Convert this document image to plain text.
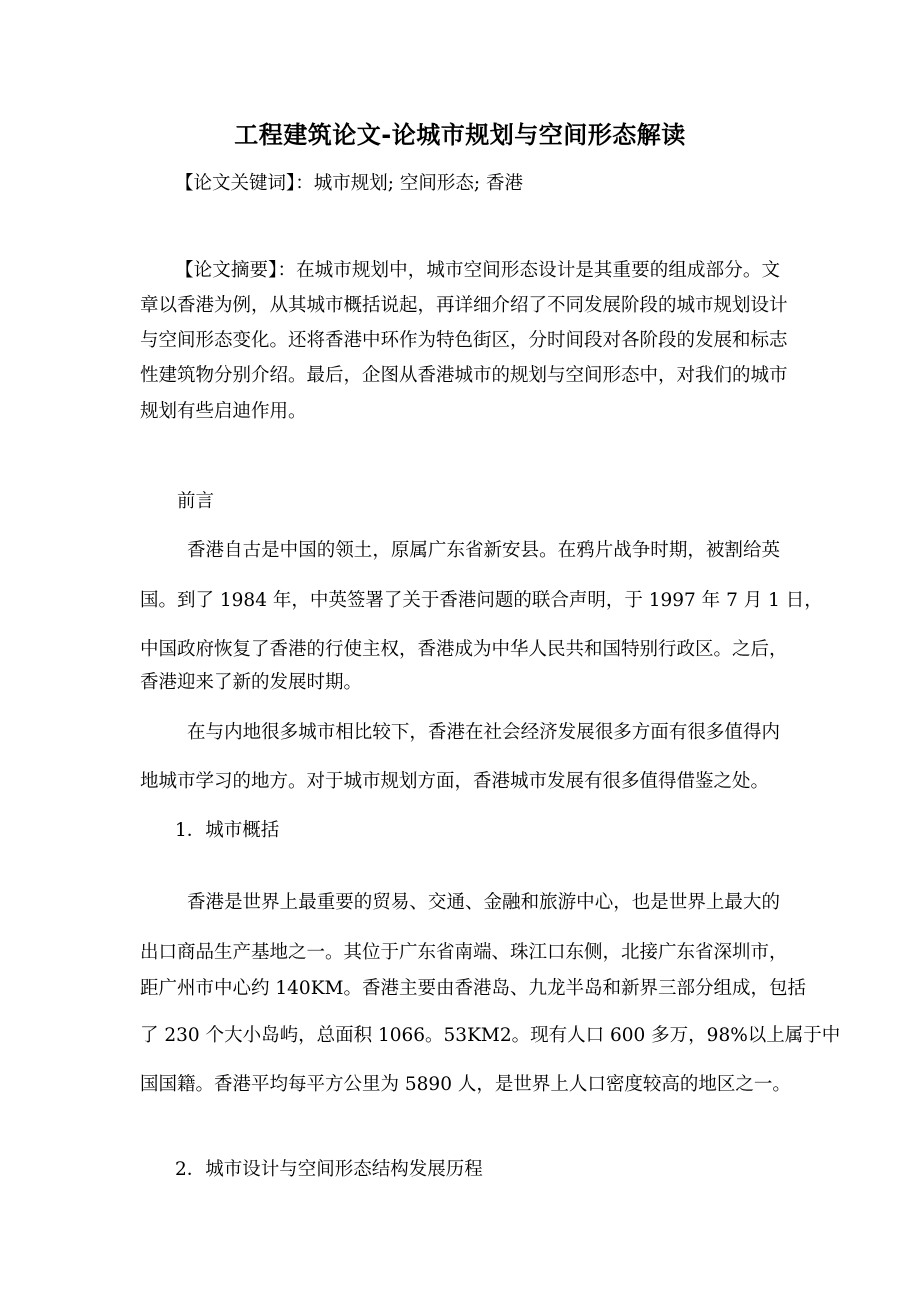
工程建筑论文-论城市规划与空间形态解读
【论文关键词】：城市规划; 空间形态; 香港
【论文摘要】：在城市规划中，城市空间形态设计是其重要的组成部分。文
章以香港为例，从其城市概括说起，再详细介绍了不同发展阶段的城市规划设计
与空间形态变化。还将香港中环作为特色街区，分时间段对各阶段的发展和标志
性建筑物分别介绍。最后，企图从香港城市的规划与空间形态中，对我们的城市
规划有些启迪作用。
前言
香港自古是中国的领土，原属广东省新安县。在鸦片战争时期，被割给英
国。到了 1984 年，中英签署了关于香港问题的联合声明，于 1997 年 7 月 1 日，
中国政府恢复了香港的行使主权，香港成为中华人民共和国特别行政区。之后，
香港迎来了新的发展时期。
在与内地很多城市相比较下，香港在社会经济发展很多方面有很多值得内
地城市学习的地方。对于城市规划方面，香港城市发展有很多值得借鉴之处。
1．城市概括
香港是世界上最重要的贸易、交通、金融和旅游中心，也是世界上最大的
出口商品生产基地之一。其位于广东省南端、珠江口东侧，北接广东省深圳市，
距广州市中心约 140KM。香港主要由香港岛、九龙半岛和新界三部分组成，包括
了 230 个大小岛屿，总面积 1066。53KM2。现有人口 600 多万，98%以上属于中
国国籍。香港平均每平方公里为 5890 人，是世界上人口密度较高的地区之一。
2．城市设计与空间形态结构发展历程
